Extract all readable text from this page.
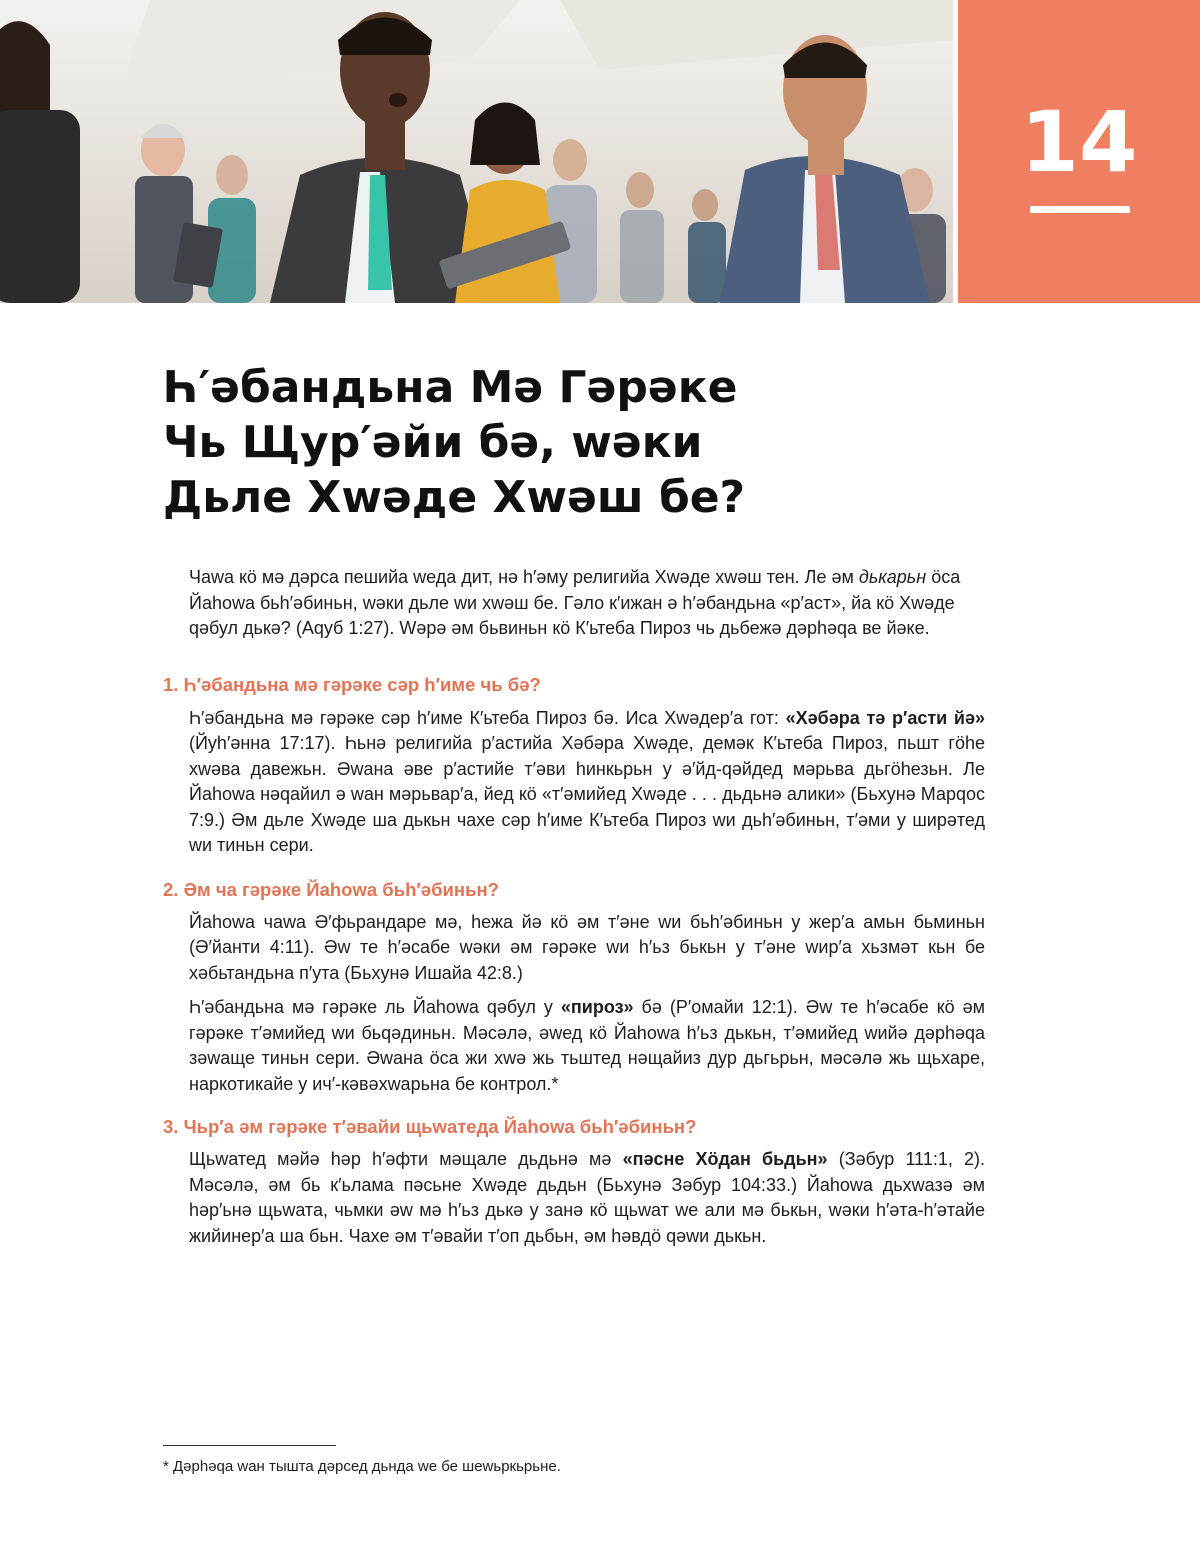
14
Һ′әбандьна Мә Гәрәке
Чь Щур′әйи бә, wәки
Дьле Хwәде Хwәш бе?

Чаwа кӧ мә дәрса пешийа wеда дит, нә һ′әму религийа Хwәде хwәш тен. Ле әм дькарьн ӧса Йаһоwа бьһ′әбиньн, wәки дьле wи хwәш бе. Гәло к′ижан ә һ′әбандьна «р′аст», йа кӧ Хwәде qәбул дькә? (Аqуб 1:27). Wәрә әм бьвиньн кӧ К′ьтеба Пироз чь дьбежә дәрһәqа ве йәке.

1. Һ′әбандьна мә гәрәке сәр һ′име чь бә?

Һ′әбандьна мә гәрәке сәр һ′име К′ьтеба Пироз бә. Иса Хwәдер′а гот: «Хәбәра тә р′асти йә» (Йуһ′әнна 17:17). Һьнә религийа р′астийа Хәбәра Хwәде, демәк К′ьтеба Пироз, пьшт гӧһе хwәва давежьн. Әwана әве р′астийе т′әви һинкьрьн у ә′йд-qәйдед мәрьва дьгӧһезьн. Ле Йаһоwа нәqайил ә wан мәрьвар′а, йед кӧ «т′әмийед Хwәде . . . дьдьнә алики» (Бьхунә Марqос 7:9.) Әм дьле Хwәде ша дькьн чахе сәр һ′име К′ьтеба Пироз wи дьһ′әбиньн, т′әми у ширәтед wи тиньн сери.

2. Әм ча гәрәке Йаһоwа бьһ′әбиньн?

Йаһоwа чаwа Ә′фьрандаре мә, һежа йә кӧ әм т′әне wи бьһ′әбиньн у жер′а амьн бьминьн (Ә′йанти 4:11). Әw те һ′әсабе wәки әм гәрәке wи һ′ьз бькьн у т′әне wир′а хьзмәт кьн бе хәбьтандьна п′ута (Бьхунә Ишайа 42:8.)

Һ′әбандьна мә гәрәке ль Йаһоwа qәбул у «пироз» бә (Р′омайи 12:1). Әw те һ′әсабе кӧ әм гәрәке т′әмийед wи бьqәдиньн. Мәсәлә, әwед кӧ Йаһоwа һ′ьз дькьн, т′әмийед wийә дәрһәqа зәwаще тиньн сери. Әwана ӧса жи хwә жь тьштед нәщайиз дур дьгьрьн, мәсәлә жь щьхаре, наркотикайе у ич′-кәвәхwарьна бе контрол.*

3. Чьр′а әм гәрәке т′әвайи щьwатеда Йаһоwа бьһ′әбиньн?

Щьwатед мәйә һәр һ′әфти мәщале дьдьнә мә «пәсне Хӧдан бьдьн» (Зәбур 111:1, 2). Мәсәлә, әм бь к′ьлама пәсьне Хwәде дьдьн (Бьхунә Зәбур 104:33.) Йаһоwа дьхwазә әм һәр′ьнә щьwата, чьмки әw мә һ′ьз дькә у занә кӧ щьwат wе али мә бькьн, wәки һ′әта-һ′әтайе жийинер′а ша бьн. Чахе әм т′әвайи т′оп дьбьн, әм һәвдӧ qәwи дькьн.

* Дәрһәqа wан тышта дәрсед дьнда wе бе шеwьркьрьне.
